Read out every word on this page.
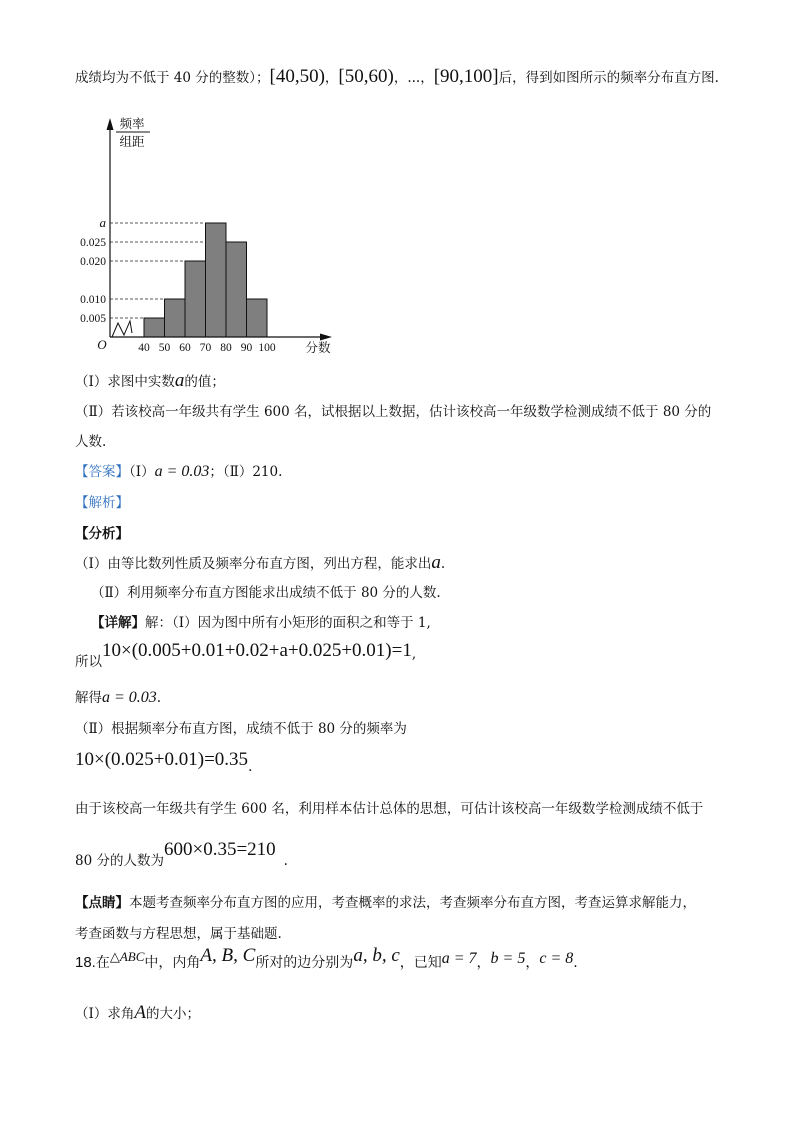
成绩均为不低于 40 分的整数）；[40,50)，[50,60)，...，[90,100]后，得到如图所示的频率分布直方图.
0.005
0.010
0.020
0.025
a
O	40 50 60 70 80 90 100 分数
频率
组距
（Ⅰ）求图中实数a的值；
（Ⅱ）若该校高一年级共有学生 600 名，试根据以上数据，估计该校高一年级数学检测成绩不低于 80 分的
人数.
【答案】（Ⅰ）a = 0.03；（Ⅱ）210.
【解析】
【分析】
（Ⅰ）由等比数列性质及频率分布直方图，列出方程，能求出a.
（Ⅱ）利用频率分布直方图能求出成绩不低于 80 分的人数.
【详解】解：（Ⅰ）因为图中所有小矩形的面积之和等于 1,
所以10×(0.005+0.01+0.02+a+0.025+0.01)=1,
解得a = 0.03.
（Ⅱ）根据频率分布直方图，成绩不低于 80 分的频率为
10×(0.025+0.01)=0.35.
由于该校高一年级共有学生 600 名，利用样本估计总体的思想，可估计该校高一年级数学检测成绩不低于
80 分的人数为600×0.35=210.
【点睛】本题考查频率分布直方图的应用，考查概率的求法，考查频率分布直方图，考查运算求解能力，
考查函数与方程思想，属于基础题.
18.在△ABC中，内角A, B, C所对的边分别为a, b, c，已知a = 7，b = 5，c = 8.
（Ⅰ）求角A的大小；
